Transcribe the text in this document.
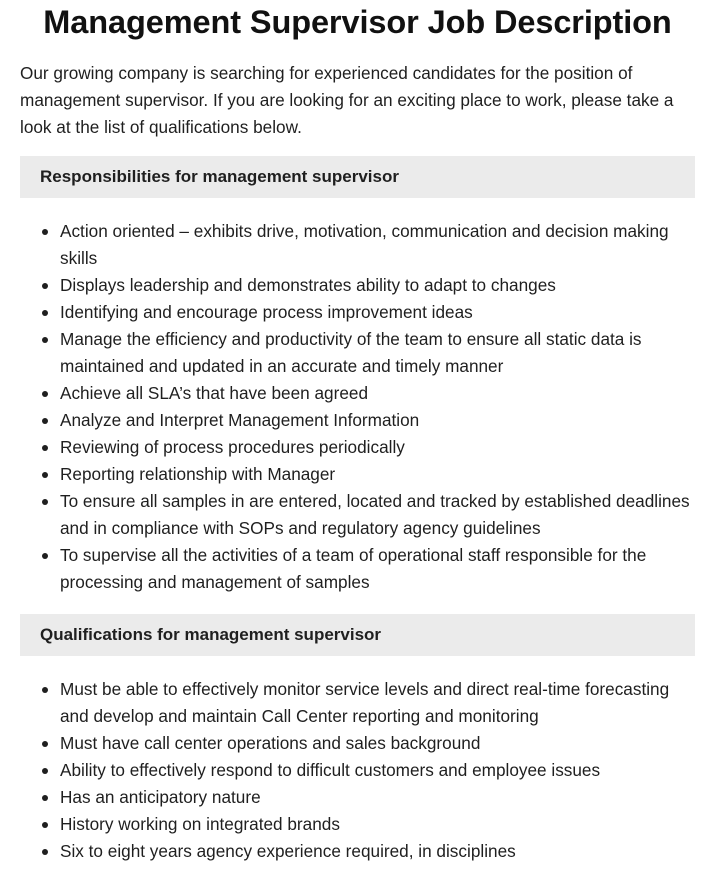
Management Supervisor Job Description

Our growing company is searching for experienced candidates for the position of management supervisor. If you are looking for an exciting place to work, please take a look at the list of qualifications below.

Responsibilities for management supervisor
Action oriented – exhibits drive, motivation, communication and decision making skills
Displays leadership and demonstrates ability to adapt to changes
Identifying and encourage process improvement ideas
Manage the efficiency and productivity of the team to ensure all static data is maintained and updated in an accurate and timely manner
Achieve all SLA’s that have been agreed
Analyze and Interpret Management Information
Reviewing of process procedures periodically
Reporting relationship with Manager
To ensure all samples in are entered, located and tracked by established deadlines and in compliance with SOPs and regulatory agency guidelines
To supervise all the activities of a team of operational staff responsible for the processing and management of samples
Qualifications for management supervisor
Must be able to effectively monitor service levels and direct real-time forecasting and develop and maintain Call Center reporting and monitoring
Must have call center operations and sales background
Ability to effectively respond to difficult customers and employee issues
Has an anticipatory nature
History working on integrated brands
Six to eight years agency experience required, in disciplines
